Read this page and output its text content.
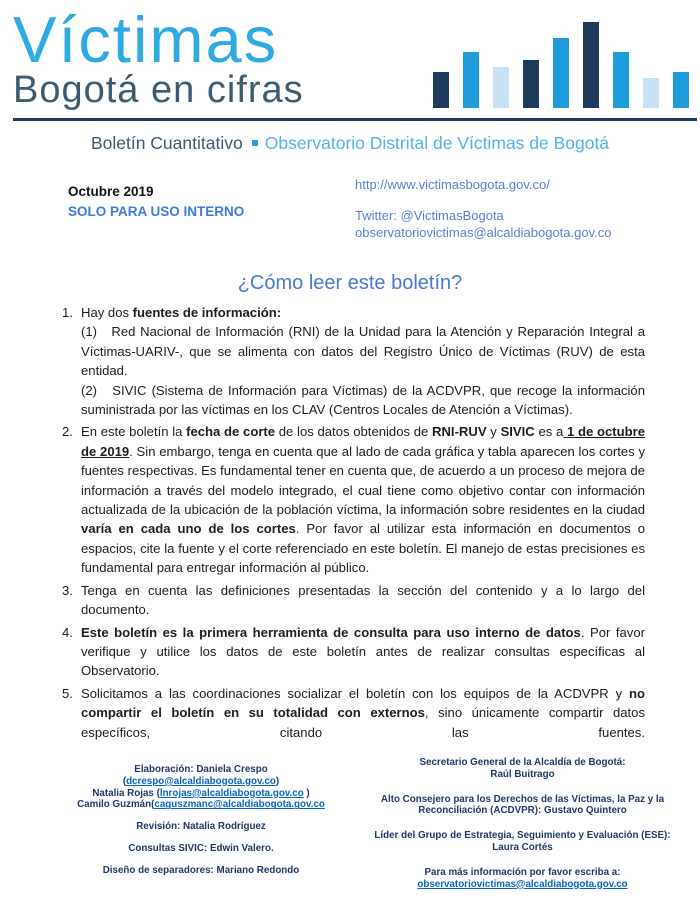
Víctimas
Bogotá en cifras
Boletín Cuantitativo Observatorio Distrital de Víctimas de Bogotá
Octubre 2019
SOLO PARA USO INTERNO
http://www.victimasbogota.gov.co/
Twitter: @VictimasBogota
observatoriovictimas@alcaldiabogota.gov.co
¿Cómo leer este boletín?
1. Hay dos fuentes de información:

(1)   Red Nacional de Información (RNI) de la Unidad para la Atención y Reparación Integral a Víctimas-UARIV-, que se alimenta con datos del Registro Único de Víctimas (RUV) de esta entidad.

(2)   SIVIC (Sistema de Información para Víctimas) de la ACDVPR, que recoge la información suministrada por las víctimas en los CLAV (Centros Locales de Atención a Víctimas).

2. En este boletín la fecha de corte de los datos obtenidos de RNI-RUV y SIVIC es a 1 de octubre de 2019. Sin embargo, tenga en cuenta que al lado de cada gráfica y tabla aparecen los cortes y fuentes respectivas. Es fundamental tener en cuenta que, de acuerdo a un proceso de mejora de información a través del modelo integrado, el cual tiene como objetivo contar con información actualizada de la ubicación de la población víctima, la información sobre residentes en la ciudad varía en cada uno de los cortes. Por favor al utilizar esta información en documentos o espacios, cite la fuente y el corte referenciado en este boletín. El manejo de estas precisiones es fundamental para entregar información al público.

3. Tenga en cuenta las definiciones presentadas la sección del contenido y a lo largo del documento.

4. Este boletín es la primera herramienta de consulta para uso interno de datos. Por favor verifique y utilice los datos de este boletín antes de realizar consultas específicas al Observatorio.

5. Solicitamos a las coordinaciones socializar el boletín con los equipos de la ACDVPR y no compartir el boletín en su totalidad con externos, sino únicamente compartir datos específicos, citando las fuentes.

Elaboración: Daniela Crespo (dcrespo@alcaldiabogota.gov.co)
Natalia Rojas (lnrojas@alcaldiabogota.gov.co )
Camilo Guzmán(caguszmanc@alcaldiabogota.gov.co
Revisión: Natalia Rodríguez
Consultas SIVIC: Edwin Valero.
Diseño de separadores: Mariano Redondo
Secretario General de la Alcaldía de Bogotá:
Raúl Buitrago
Alto Consejero para los Derechos de las Víctimas, la Paz y la
Reconciliación (ACDVPR): Gustavo Quintero
Líder del Grupo de Estrategia, Seguimiento y Evaluación (ESE):
Laura Cortés
Para más información por favor escriba a:
observatoriovictimas@alcaldiabogota.gov.co
